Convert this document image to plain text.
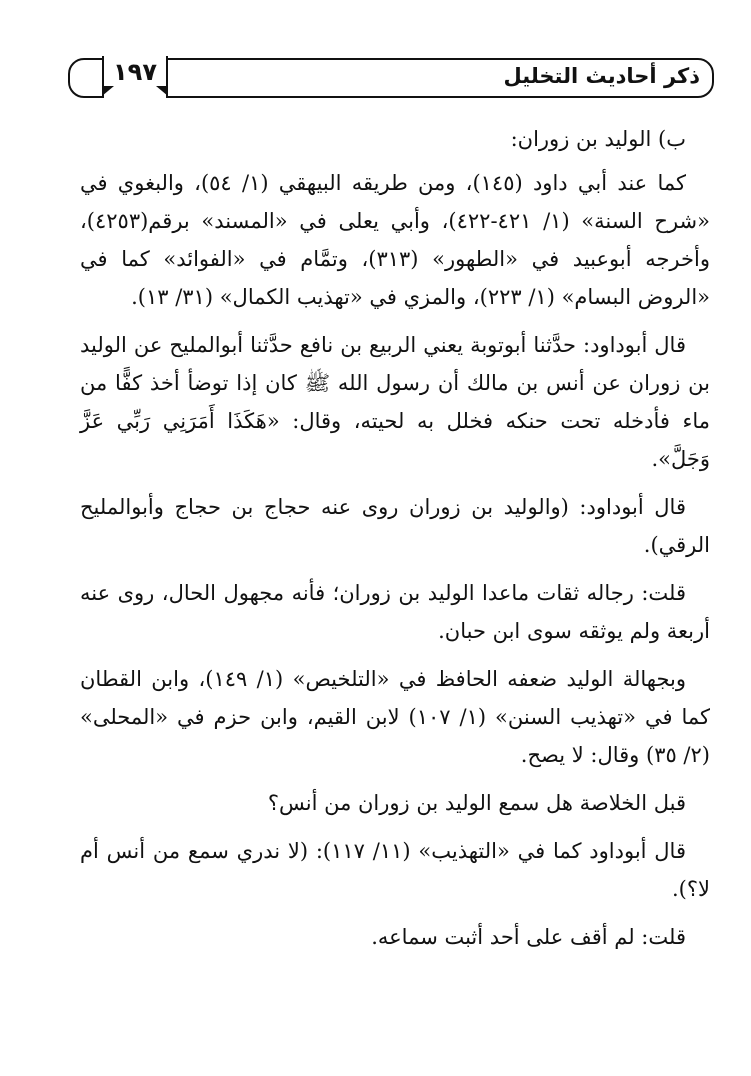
ذكر أحاديث التخليل
١٩٧

ب) الوليد بن زوران:

كما عند أبي داود (١٤٥)، ومن طريقه البيهقي (١/ ٥٤)، والبغوي في «شرح السنة» (١/ ٤٢١-٤٢٢)، وأبي يعلى في «المسند» برقم(٤٢٥٣)، وأخرجه أبوعبيد في «الطهور» (٣١٣)، وتمَّام في «الفوائد» كما في «الروض البسام» (١/ ٢٢٣)، والمزي في «تهذيب الكمال» (٣١/ ١٣).

قال أبوداود: حدَّثنا أبوتوبة يعني الربيع بن نافع حدَّثنا أبوالمليح عن الوليد بن زوران عن أنس بن مالك أن رسول الله ﷺ كان إذا توضأ أخذ كفًّا من ماء فأدخله تحت حنكه فخلل به لحيته، وقال: «هَكَذَا أَمَرَنِي رَبِّي عَزَّ وَجَلَّ».

قال أبوداود: (والوليد بن زوران روى عنه حجاج بن حجاج وأبوالمليح الرقي).

قلت: رجاله ثقات ماعدا الوليد بن زوران؛ فأنه مجهول الحال، روى عنه أربعة ولم يوثقه سوى ابن حبان.

وبجهالة الوليد ضعفه الحافظ في «التلخيص» (١/ ١٤٩)، وابن القطان كما في «تهذيب السنن» (١/ ١٠٧) لابن القيم، وابن حزم في «المحلى» (٢/ ٣٥) وقال: لا يصح.

قبل الخلاصة هل سمع الوليد بن زوران من أنس؟

قال أبوداود كما في «التهذيب» (١١/ ١١٧): (لا ندري سمع من أنس أم لا؟).

قلت: لم أقف على أحد أثبت سماعه.
